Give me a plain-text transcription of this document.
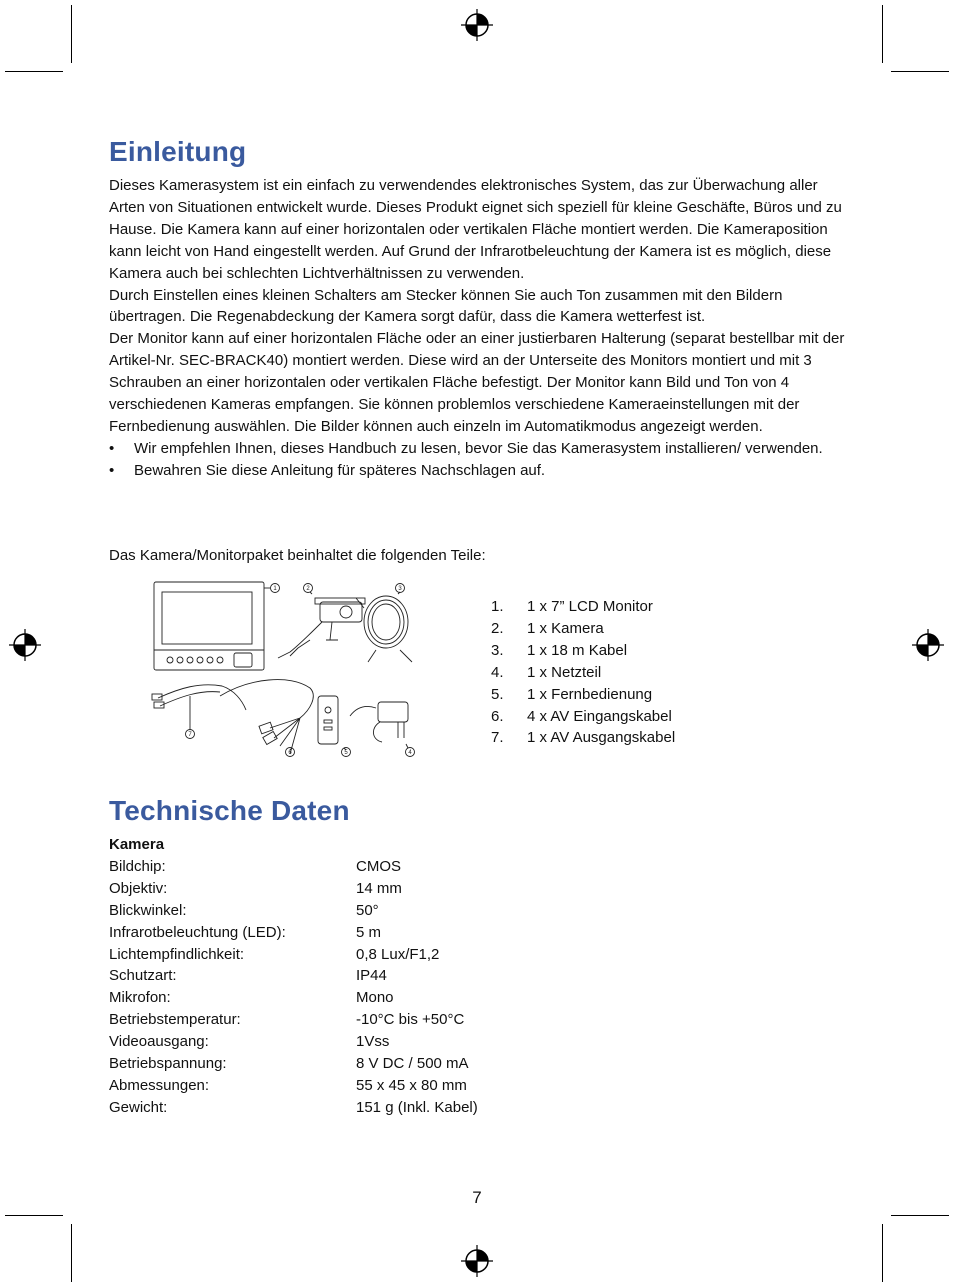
Einleitung

Dieses Kamerasystem ist ein einfach zu verwendendes elektronisches System, das zur Überwachung aller Arten von Situationen entwickelt wurde. Dieses Produkt eignet sich speziell für kleine Geschäfte, Büros und zu Hause. Die Kamera kann auf einer horizontalen oder vertikalen Fläche montiert werden. Die Kameraposition kann leicht von Hand eingestellt werden. Auf Grund der Infrarotbeleuchtung der Kamera ist es möglich, diese Kamera auch bei schlechten Lichtverhältnissen zu verwenden.

Durch Einstellen eines kleinen Schalters am Stecker können Sie auch Ton zusammen mit den Bildern übertragen. Die Regenabdeckung der Kamera sorgt dafür, dass die Kamera wetterfest ist.

Der Monitor kann auf einer horizontalen Fläche oder an einer justierbaren Halterung (separat bestellbar mit der Artikel-Nr. SEC-BRACK40) montiert werden. Diese wird an der Unterseite des Monitors montiert und mit 3 Schrauben an einer horizontalen oder vertikalen Fläche befestigt. Der Monitor kann Bild und Ton von 4 verschiedenen Kameras empfangen. Sie können problemlos verschiedene Kameraeinstellungen mit der Fernbedienung auswählen. Die Bilder können auch einzeln im Automatikmodus angezeigt werden.

• Wir empfehlen Ihnen, dieses Handbuch zu lesen, bevor Sie das Kamerasystem installieren/ verwenden.
• Bewahren Sie diese Anleitung für späteres Nachschlagen auf.

Das Kamera/Monitorpaket beinhaltet die folgenden Teile:

1	2	3
4
5
6
7
1.	1 x 7” LCD Monitor
2.	1 x Kamera
3.	1 x 18 m Kabel
4.	1 x Netzteil
5.	1 x Fernbedienung
6.	4 x AV Eingangskabel
7.	1 x AV Ausgangskabel
Technische Daten
Kamera
Bildchip:	CMOS
Objektiv:	14 mm
Blickwinkel:	50°
Infrarotbeleuchtung (LED):	5 m
Lichtempfindlichkeit:	0,8 Lux/F1,2
Schutzart:	IP44
Mikrofon:	Mono
Betriebstemperatur:	-10°C bis +50°C
Videoausgang:	1Vss
Betriebspannung:	8 V DC / 500 mA
Abmessungen:	55 x 45 x 80 mm
Gewicht:	151 g (Inkl. Kabel)
7
